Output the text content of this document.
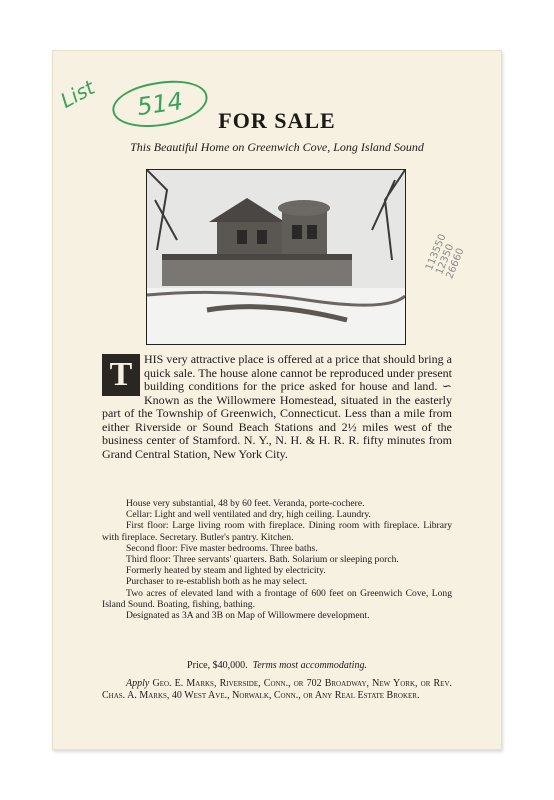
List	514
113550
12350
26660
FOR SALE
This Beautiful Home on Greenwich Cove, Long Island Sound
T HIS very attractive place is offered at a price that should bring a quick sale. The house alone cannot be reproduced under present building conditions for the price asked for house and land. ∽ Known as the Willowmere Homestead, situated in the easterly part of the Township of Greenwich, Connecticut. Less than a mile from either Riverside or Sound Beach Stations and 2½ miles west of the business center of Stamford. N. Y., N. H. & H. R. R. fifty minutes from Grand Central Station, New York City.

House very substantial, 48 by 60 feet. Veranda, porte-cochere.

Cellar: Light and well ventilated and dry, high ceiling. Laundry.

First floor: Large living room with fireplace. Dining room with fireplace. Library with fireplace. Secretary. Butler's pantry. Kitchen.

Second floor: Five master bedrooms. Three baths.

Third floor: Three servants' quarters. Bath. Solarium or sleeping porch.

Formerly heated by steam and lighted by electricity.

Purchaser to re-establish both as he may select.

Two acres of elevated land with a frontage of 600 feet on Greenwich Cove, Long Island Sound. Boating, fishing, bathing.

Designated as 3A and 3B on Map of Willowmere development.

Price, $40,000. Terms most accommodating.

Apply Geo. E. Marks, Riverside, Conn., or 702 Broadway, New York, or Rev. Chas. A. Marks, 40 West Ave., Norwalk, Conn., or Any Real Estate Broker.
